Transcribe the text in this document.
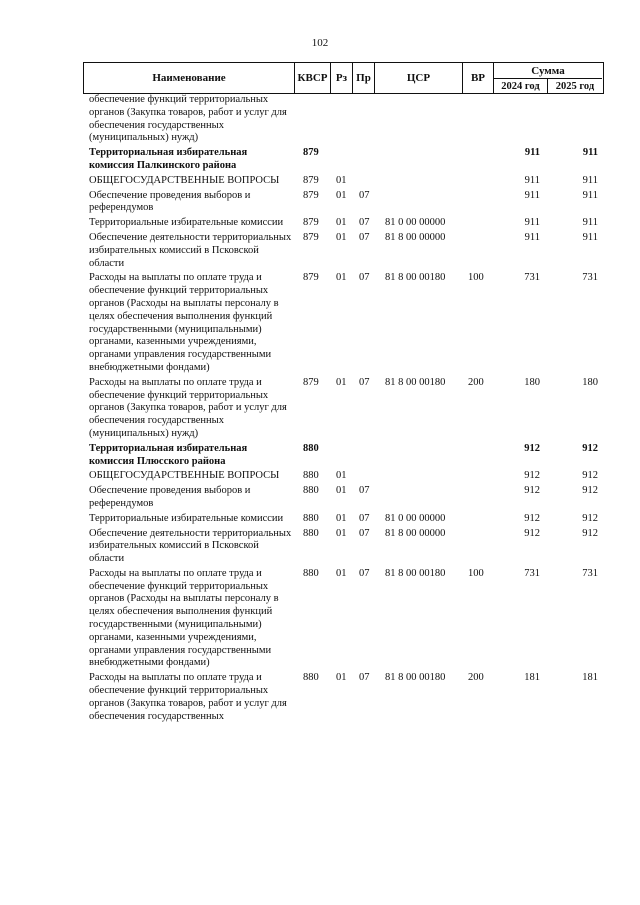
102
Наименование	КВСР Рз Пр	ЦСР	ВР
Сумма
2024 год	2025 год
обеспечение функций территориальных органов (Закупка товаров, работ и услуг для обеспечения государственных (муниципальных) нужд)
Территориальная избирательная комиссия Палкинского района
879	911	911
ОБЩЕГОСУДАРСТВЕННЫЕ ВОПРОСЫ	879 01	911	911
Обеспечение проведения выборов и референдумов
879 01 07	911	911
Территориальные избирательные комиссии	879 01 07 81 0 00 00000	911	911
Обеспечение деятельности территориальных избирательных комиссий в Псковской области
879 01 07 81 8 00 00000	911	911
Расходы на выплаты по оплате труда и обеспечение функций территориальных органов (Расходы на выплаты персоналу в целях обеспечения выполнения функций государственными (муниципальными) органами, казенными учреждениями, органами управления государственными внебюджетными фондами)
879 01 07 81 8 00 00180	100	731	731
Расходы на выплаты по оплате труда и обеспечение функций территориальных органов (Закупка товаров, работ и услуг для обеспечения государственных (муниципальных) нужд)
879 01 07 81 8 00 00180	200	180	180
Территориальная избирательная комиссия Плюсского района
880	912	912
ОБЩЕГОСУДАРСТВЕННЫЕ ВОПРОСЫ	880 01	912	912
Обеспечение проведения выборов и референдумов
880 01 07	912	912
Территориальные избирательные комиссии	880 01 07 81 0 00 00000	912	912
Обеспечение деятельности территориальных избирательных комиссий в Псковской области
880 01 07 81 8 00 00000	912	912
Расходы на выплаты по оплате труда и обеспечение функций территориальных органов (Расходы на выплаты персоналу в целях обеспечения выполнения функций государственными (муниципальными) органами, казенными учреждениями, органами управления государственными внебюджетными фондами)
880 01 07 81 8 00 00180	100	731	731
Расходы на выплаты по оплате труда и обеспечение функций территориальных органов (Закупка товаров, работ и услуг для обеспечения государственных
880 01 07 81 8 00 00180	200	181	181
